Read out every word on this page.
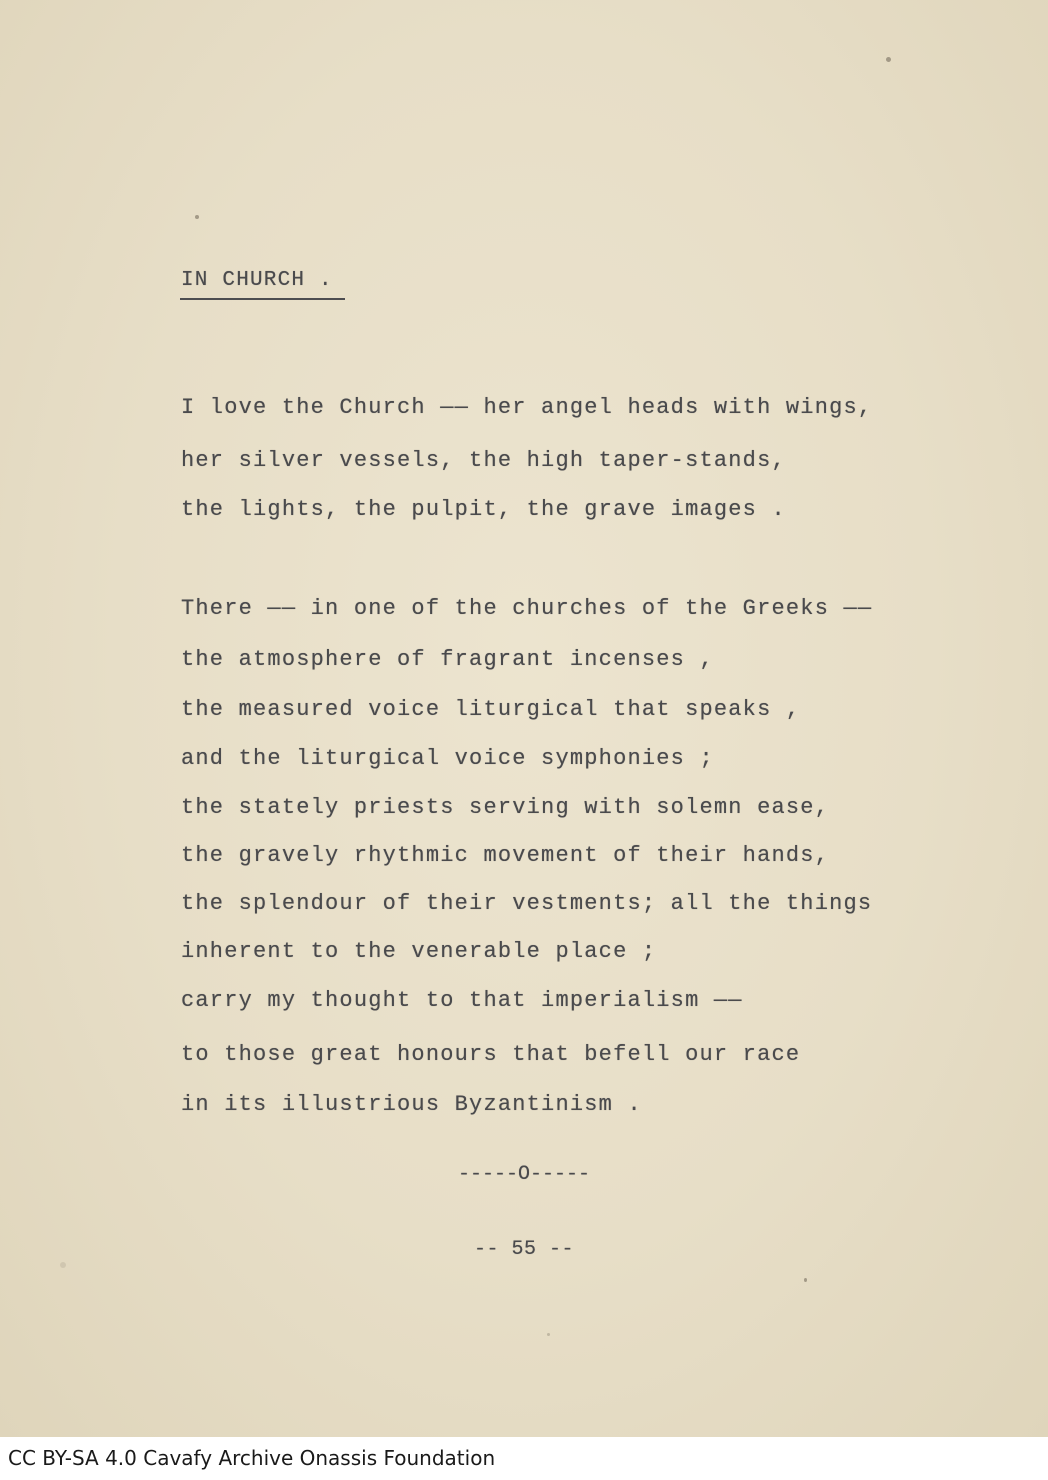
IN CHURCH .
I love the Church —— her angel heads with wings,
her silver vessels, the high taper-stands,
the lights, the pulpit, the grave images .
There —— in one of the churches of the Greeks ——
the atmosphere of fragrant incenses ,
the measured voice liturgical that speaks ,
and the liturgical voice symphonies ;
the stately priests serving with solemn ease,
the gravely rhythmic movement of their hands,
the splendour of their vestments; all the things
inherent to the venerable place ;
carry my thought to that imperialism ——
to those great honours that befell our race
in its illustrious Byzantinism .
-----O-----
-- 55 --
CC BY-SA 4.0 Cavafy Archive Onassis Foundation
